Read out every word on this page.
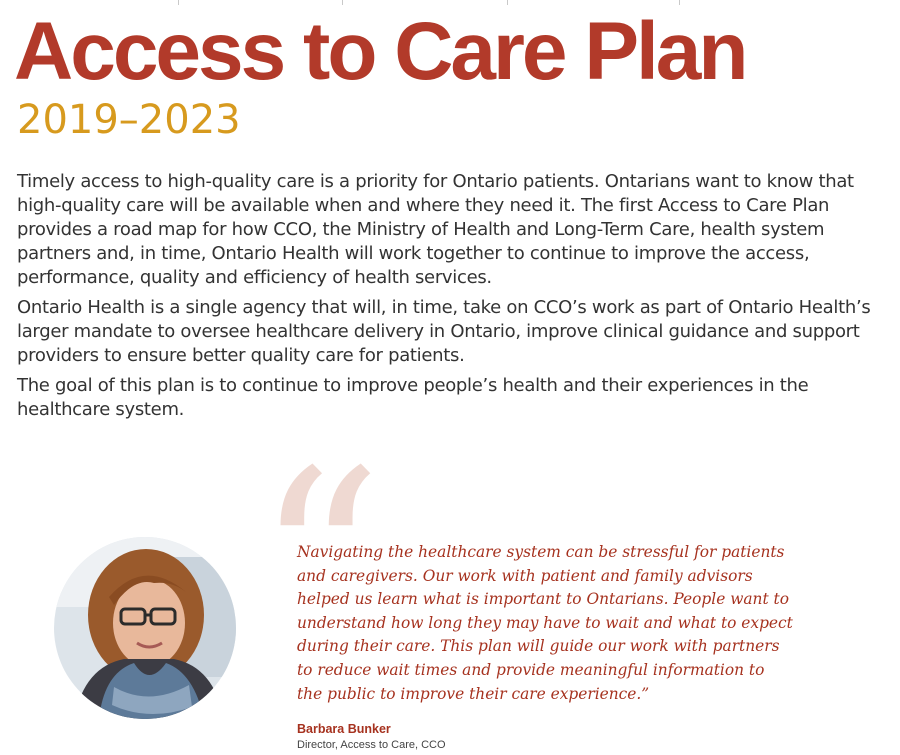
Access to Care Plan
2019–2023

Timely access to high-quality care is a priority for Ontario patients. Ontarians want to know that high-quality care will be available when and where they need it. The first Access to Care Plan provides a road map for how CCO, the Ministry of Health and Long-Term Care, health system partners and, in time, Ontario Health will work together to continue to improve the access, performance, quality and efficiency of health services.

Ontario Health is a single agency that will, in time, take on CCO’s work as part of Ontario Health’s larger mandate to oversee healthcare delivery in Ontario, improve clinical guidance and support providers to ensure better quality care for patients.

The goal of this plan is to continue to improve people’s health and their experiences in the healthcare system.

“
Navigating the healthcare system can be stressful for patients
and caregivers. Our work with patient and family advisors
helped us learn what is important to Ontarians. People want to
understand how long they may have to wait and what to expect
during their care. This plan will guide our work with partners
to reduce wait times and provide meaningful information to
the public to improve their care experience.”
Barbara Bunker
Director, Access to Care, CCO
